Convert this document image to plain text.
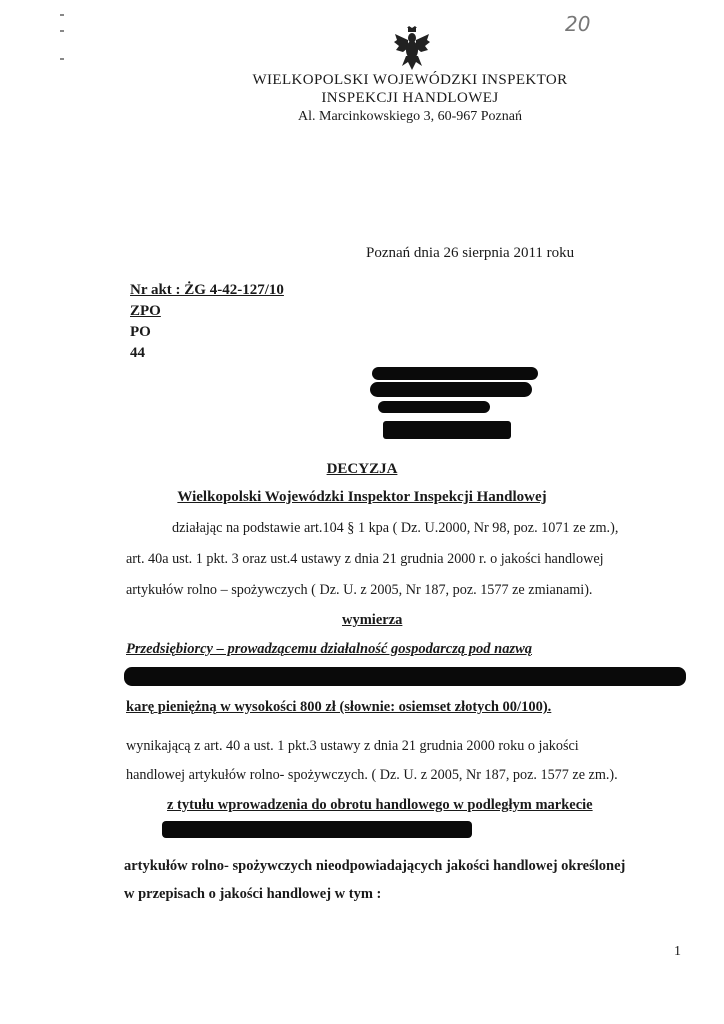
20
WIELKOPOLSKI WOJEWÓDZKI INSPEKTOR
INSPEKCJI HANDLOWEJ
Al. Marcinkowskiego 3, 60-967 Poznań
Poznań dnia 26 sierpnia 2011 roku
Nr akt : ŻG 4-42-127/10
ZPO
PO
44
DECYZJA
Wielkopolski Wojewódzki Inspektor Inspekcji Handlowej
działając na podstawie art.104 § 1 kpa ( Dz. U.2000, Nr 98, poz. 1071 ze zm.),
art. 40a ust. 1 pkt. 3 oraz ust.4 ustawy z dnia 21 grudnia 2000 r. o jakości handlowej
artykułów rolno – spożywczych ( Dz. U. z 2005, Nr 187, poz. 1577 ze zmianami).
wymierza
Przedsiębiorcy – prowadzącemu działalność gospodarczą pod nazwą
karę pieniężną w wysokości 800 zł (słownie: osiemset złotych 00/100).
wynikającą z art. 40 a ust. 1 pkt.3 ustawy z dnia 21 grudnia 2000 roku o jakości
handlowej artykułów rolno- spożywczych. ( Dz. U. z 2005, Nr 187, poz. 1577 ze zm.).
z tytułu wprowadzenia do obrotu handlowego w podległym markecie
artykułów rolno- spożywczych nieodpowiadających jakości handlowej określonej
w przepisach o jakości handlowej w tym :
1
